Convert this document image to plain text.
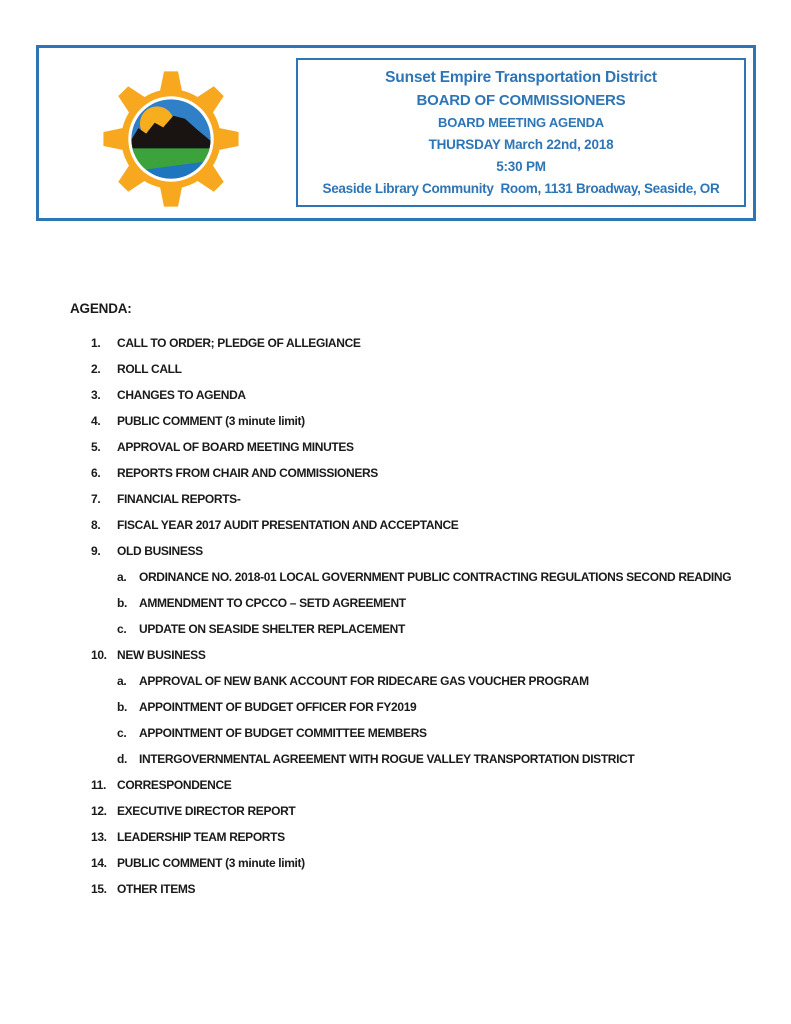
Sunset Empire Transportation District
BOARD OF COMMISSIONERS
BOARD MEETING AGENDA
THURSDAY March 22nd, 2018
5:30 PM
Seaside Library Community  Room, 1131 Broadway, Seaside, OR
AGENDA:
1.	CALL TO ORDER; PLEDGE OF ALLEGIANCE
2.	ROLL CALL
3.	CHANGES TO AGENDA
4.	PUBLIC COMMENT (3 minute limit)
5.	APPROVAL OF BOARD MEETING MINUTES
6.	REPORTS FROM CHAIR AND COMMISSIONERS
7.	FINANCIAL REPORTS-
8.	FISCAL YEAR 2017 AUDIT PRESENTATION AND ACCEPTANCE
9.	OLD BUSINESS
a.	ORDINANCE NO. 2018-01 LOCAL GOVERNMENT PUBLIC CONTRACTING REGULATIONS SECOND READING
b.	AMMENDMENT TO CPCCO – SETD AGREEMENT
c.	UPDATE ON SEASIDE SHELTER REPLACEMENT
10. NEW BUSINESS
a.	APPROVAL OF NEW BANK ACCOUNT FOR RIDECARE GAS VOUCHER PROGRAM
b.	APPOINTMENT OF BUDGET OFFICER FOR FY2019
c.	APPOINTMENT OF BUDGET COMMITTEE MEMBERS
d.	INTERGOVERNMENTAL AGREEMENT WITH ROGUE VALLEY TRANSPORTATION DISTRICT
11. CORRESPONDENCE
12. EXECUTIVE DIRECTOR REPORT
13. LEADERSHIP TEAM REPORTS
14. PUBLIC COMMENT (3 minute limit)
15. OTHER ITEMS
